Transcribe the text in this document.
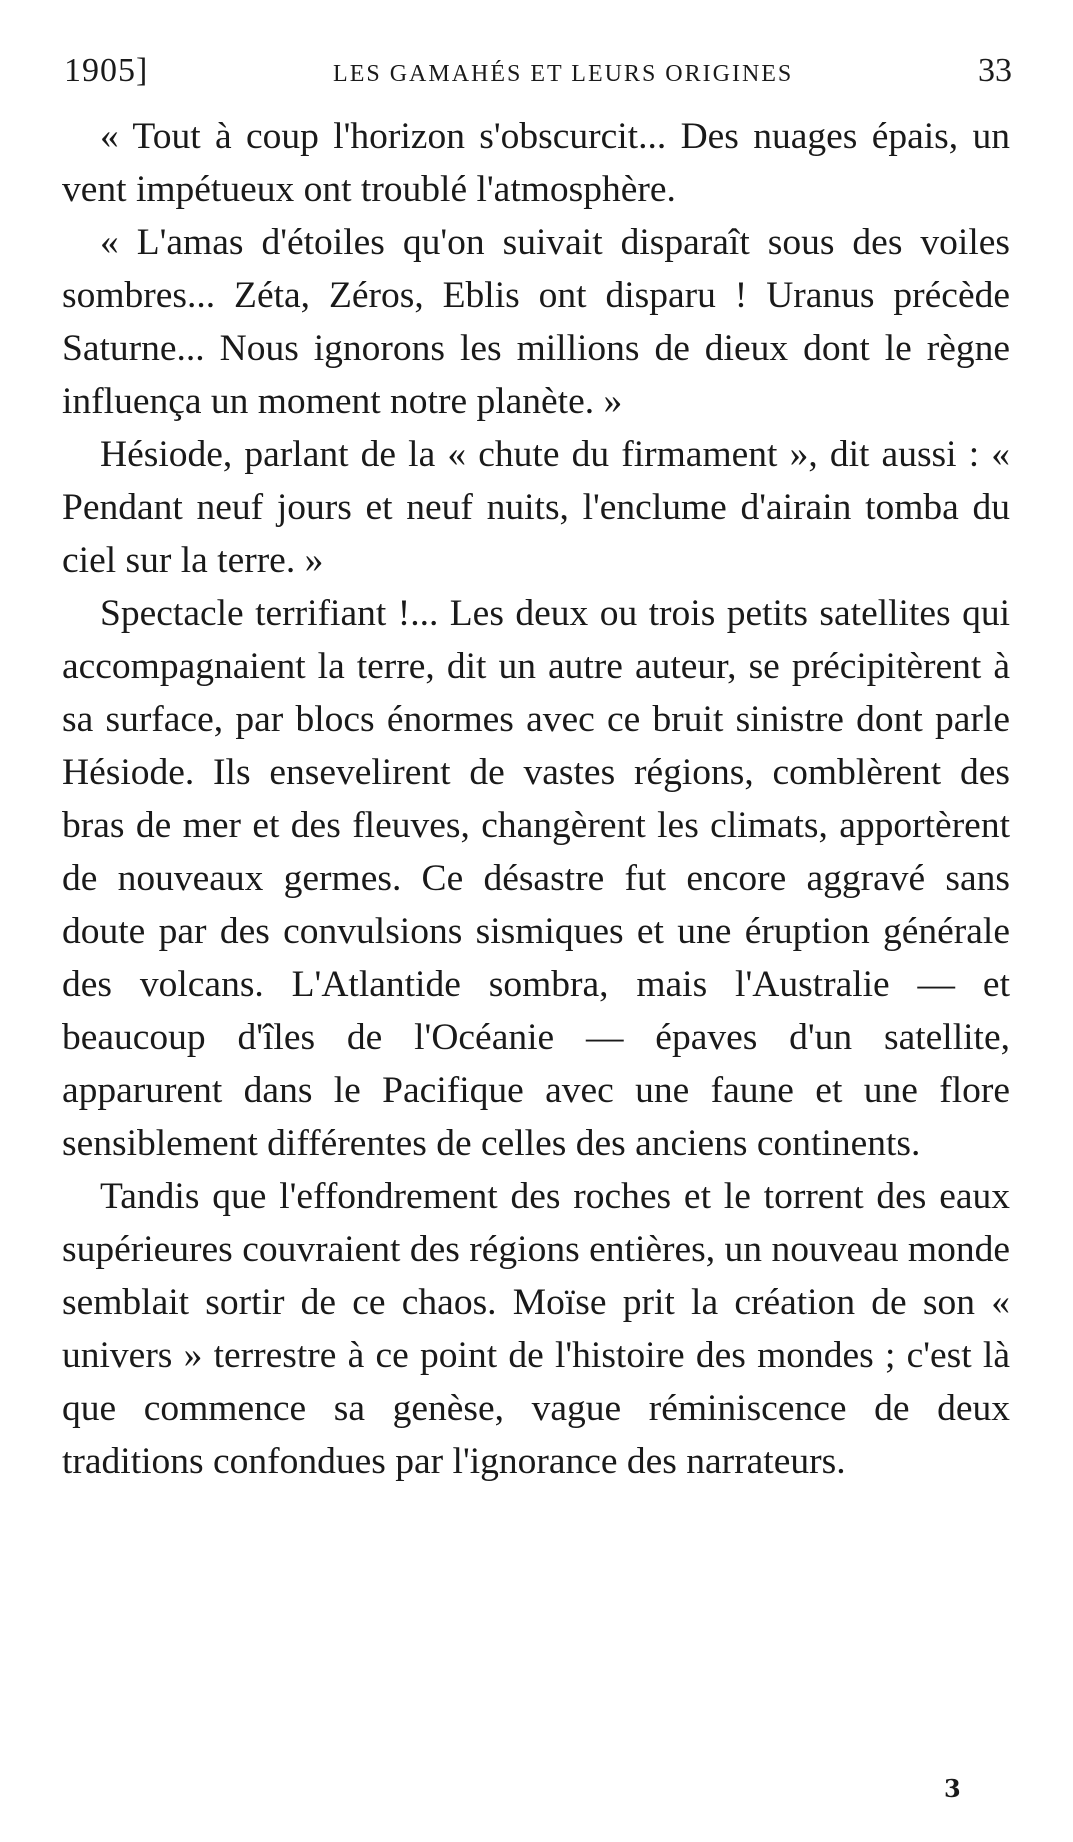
1905]	LES GAMAHÉS ET LEURS ORIGINES	33

« Tout à coup l'horizon s'obscurcit... Des nuages épais, un vent impétueux ont troublé l'atmosphère.

« L'amas d'étoiles qu'on suivait disparaît sous des voiles sombres... Zéta, Zéros, Eblis ont disparu ! Uranus précède Saturne... Nous ignorons les millions de dieux dont le règne influença un moment notre planète. »

Hésiode, parlant de la « chute du firmament », dit aussi : « Pendant neuf jours et neuf nuits, l'enclume d'airain tomba du ciel sur la terre. »

Spectacle terrifiant !... Les deux ou trois petits satellites qui accompagnaient la terre, dit un autre auteur, se précipitèrent à sa surface, par blocs énormes avec ce bruit sinistre dont parle Hésiode. Ils ensevelirent de vastes régions, comblèrent des bras de mer et des fleuves, changèrent les climats, apportèrent de nouveaux germes. Ce désastre fut encore aggravé sans doute par des convulsions sismiques et une éruption générale des volcans. L'Atlantide sombra, mais l'Australie — et beaucoup d'îles de l'Océanie — épaves d'un satellite, apparurent dans le Pacifique avec une faune et une flore sensiblement différentes de celles des anciens continents.

Tandis que l'effondrement des roches et le torrent des eaux supérieures couvraient des régions entières, un nouveau monde semblait sortir de ce chaos. Moïse prit la création de son « univers » terrestre à ce point de l'histoire des mondes ; c'est là que commence sa genèse, vague réminiscence de deux traditions confondues par l'ignorance des narrateurs.

3
